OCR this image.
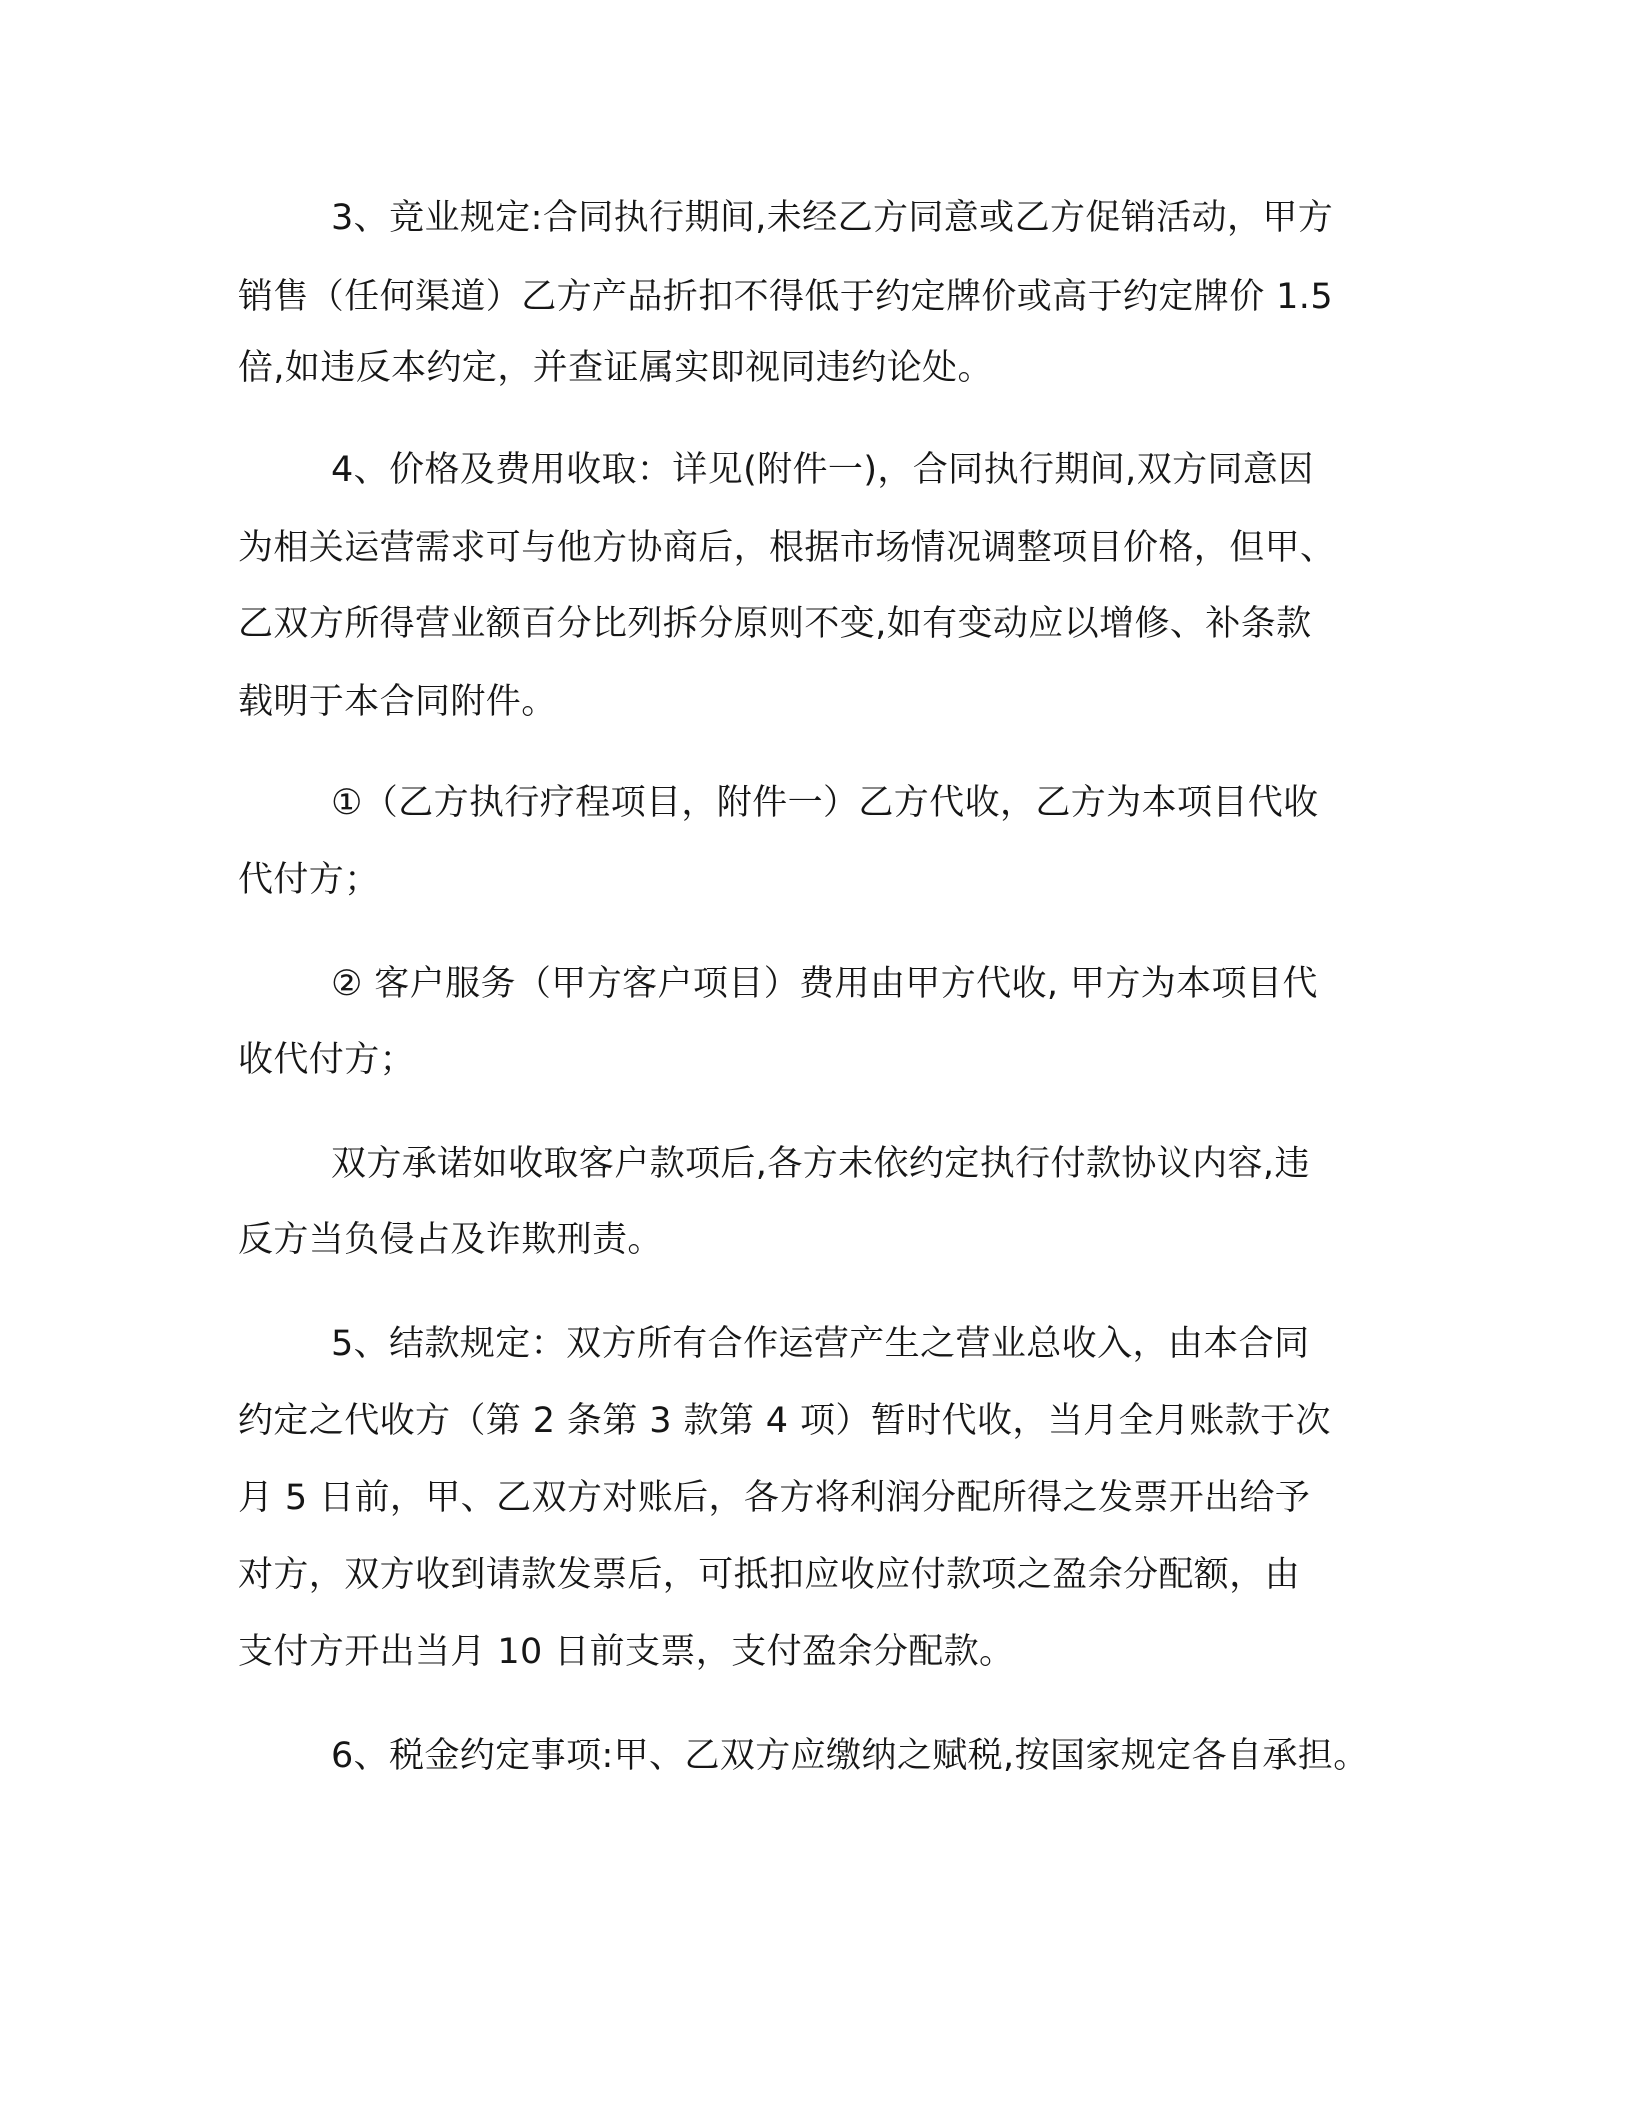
3、竞业规定:合同执行期间,未经乙方同意或乙方促销活动，甲方

销售（任何渠道）乙方产品折扣不得低于约定牌价或高于约定牌价 1.5

倍,如违反本约定，并查证属实即视同违约论处。

4、价格及费用收取：详见(附件一)，合同执行期间,双方同意因

为相关运营需求可与他方协商后，根据市场情况调整项目价格，但甲、

乙双方所得营业额百分比列拆分原则不变,如有变动应以增修、补条款

载明于本合同附件。

①（乙方执行疗程项目，附件一）乙方代收，乙方为本项目代收

代付方；

② 客户服务（甲方客户项目）费用由甲方代收, 甲方为本项目代

收代付方；

双方承诺如收取客户款项后,各方未依约定执行付款协议内容,违

反方当负侵占及诈欺刑责。

5、结款规定：双方所有合作运营产生之营业总收入，由本合同

约定之代收方（第 2 条第 3 款第 4 项）暂时代收，当月全月账款于次

月 5 日前，甲、乙双方对账后，各方将利润分配所得之发票开出给予

对方，双方收到请款发票后，可抵扣应收应付款项之盈余分配额，由

支付方开出当月 10 日前支票，支付盈余分配款。

6、税金约定事项:甲、乙双方应缴纳之赋税,按国家规定各自承担。
